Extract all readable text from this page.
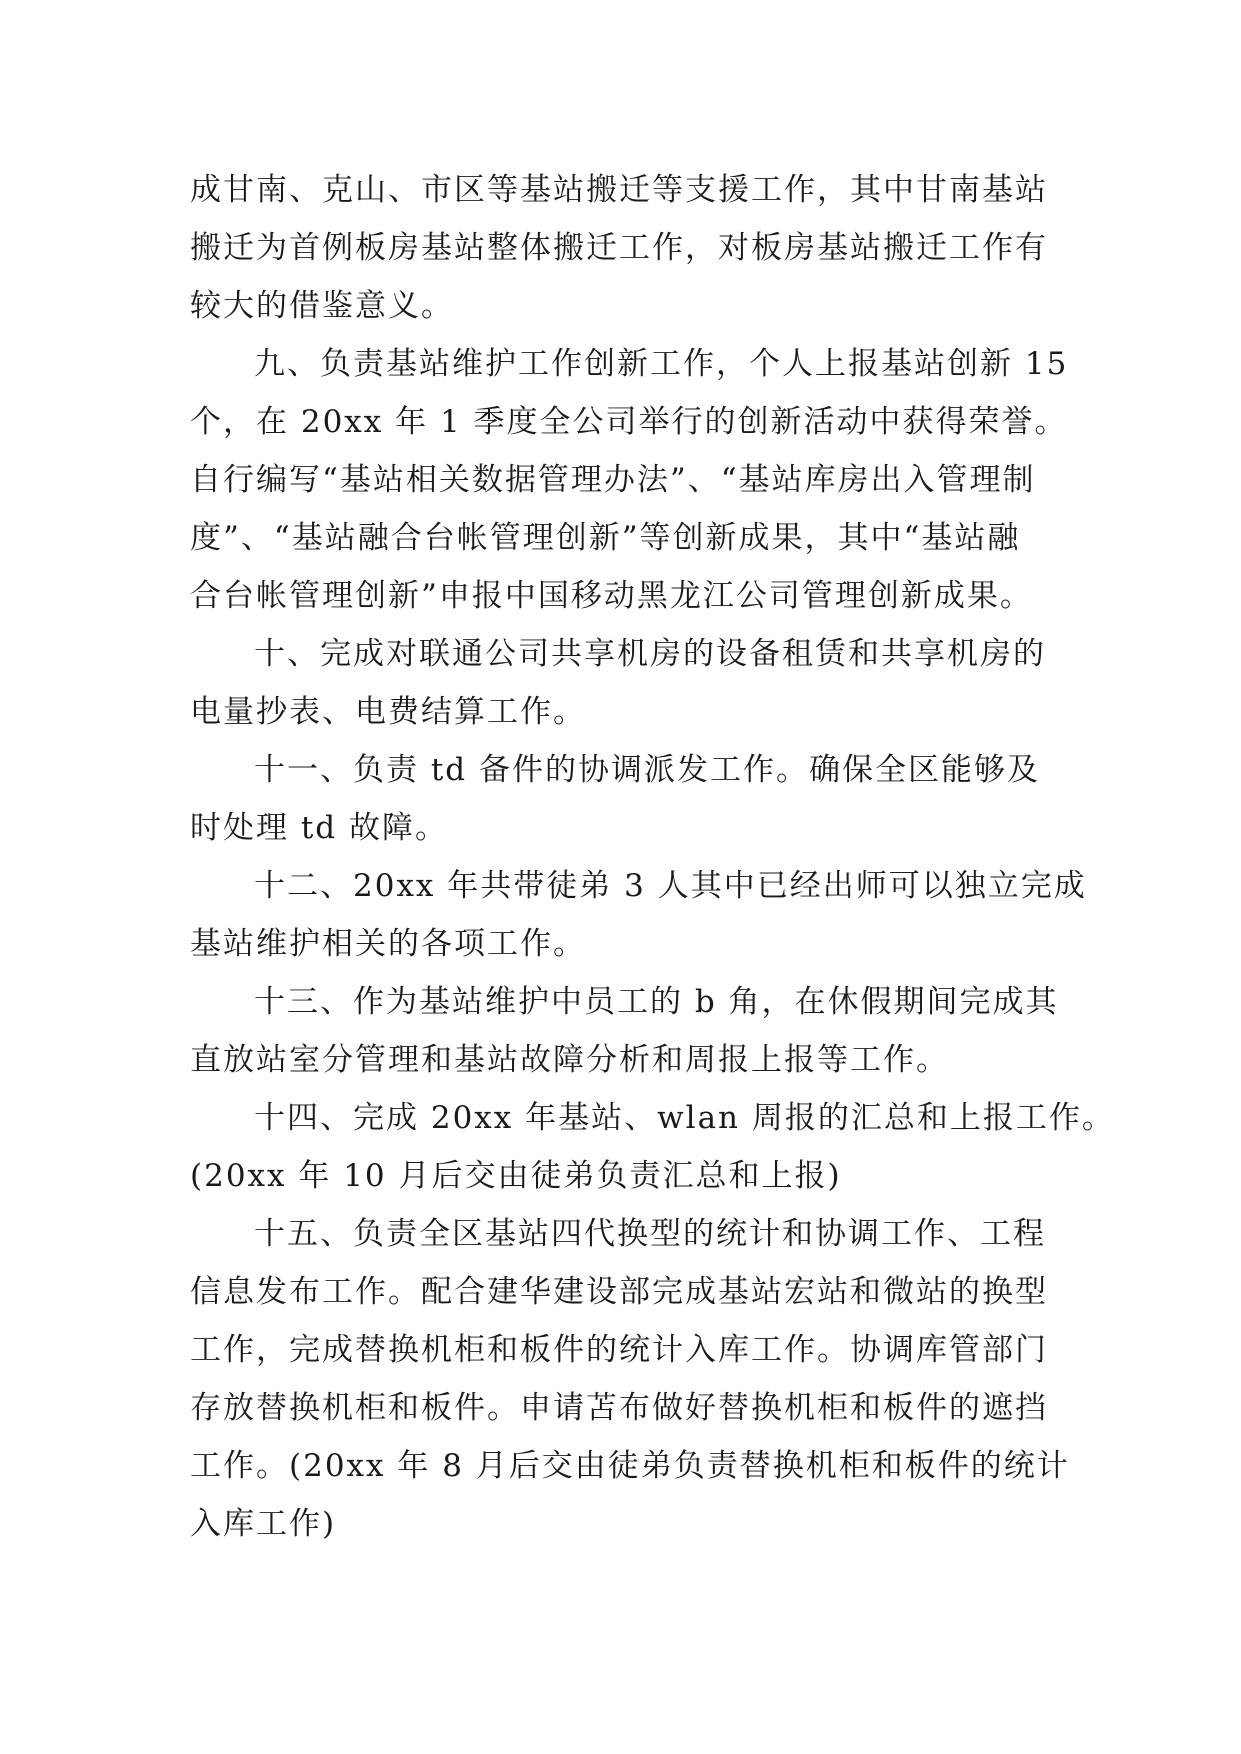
成甘南、克山、市区等基站搬迁等支援工作，其中甘南基站
搬迁为首例板房基站整体搬迁工作，对板房基站搬迁工作有
较大的借鉴意义。
九、负责基站维护工作创新工作，个人上报基站创新 15
个，在 20xx 年 1 季度全公司举行的创新活动中获得荣誉。
自行编写“基站相关数据管理办法”、“基站库房出入管理制
度”、“基站融合台帐管理创新”等创新成果，其中“基站融
合台帐管理创新”申报中国移动黑龙江公司管理创新成果。
十、完成对联通公司共享机房的设备租赁和共享机房的
电量抄表、电费结算工作。
十一、负责 td 备件的协调派发工作。确保全区能够及
时处理 td 故障。
十二、20xx 年共带徒弟 3 人其中已经出师可以独立完成
基站维护相关的各项工作。
十三、作为基站维护中员工的 b 角，在休假期间完成其
直放站室分管理和基站故障分析和周报上报等工作。
十四、完成 20xx 年基站、wlan 周报的汇总和上报工作。
(20xx 年 10 月后交由徒弟负责汇总和上报)
十五、负责全区基站四代换型的统计和协调工作、工程
信息发布工作。配合建华建设部完成基站宏站和微站的换型
工作，完成替换机柜和板件的统计入库工作。协调库管部门
存放替换机柜和板件。申请苫布做好替换机柜和板件的遮挡
工作。(20xx 年 8 月后交由徒弟负责替换机柜和板件的统计
入库工作)
